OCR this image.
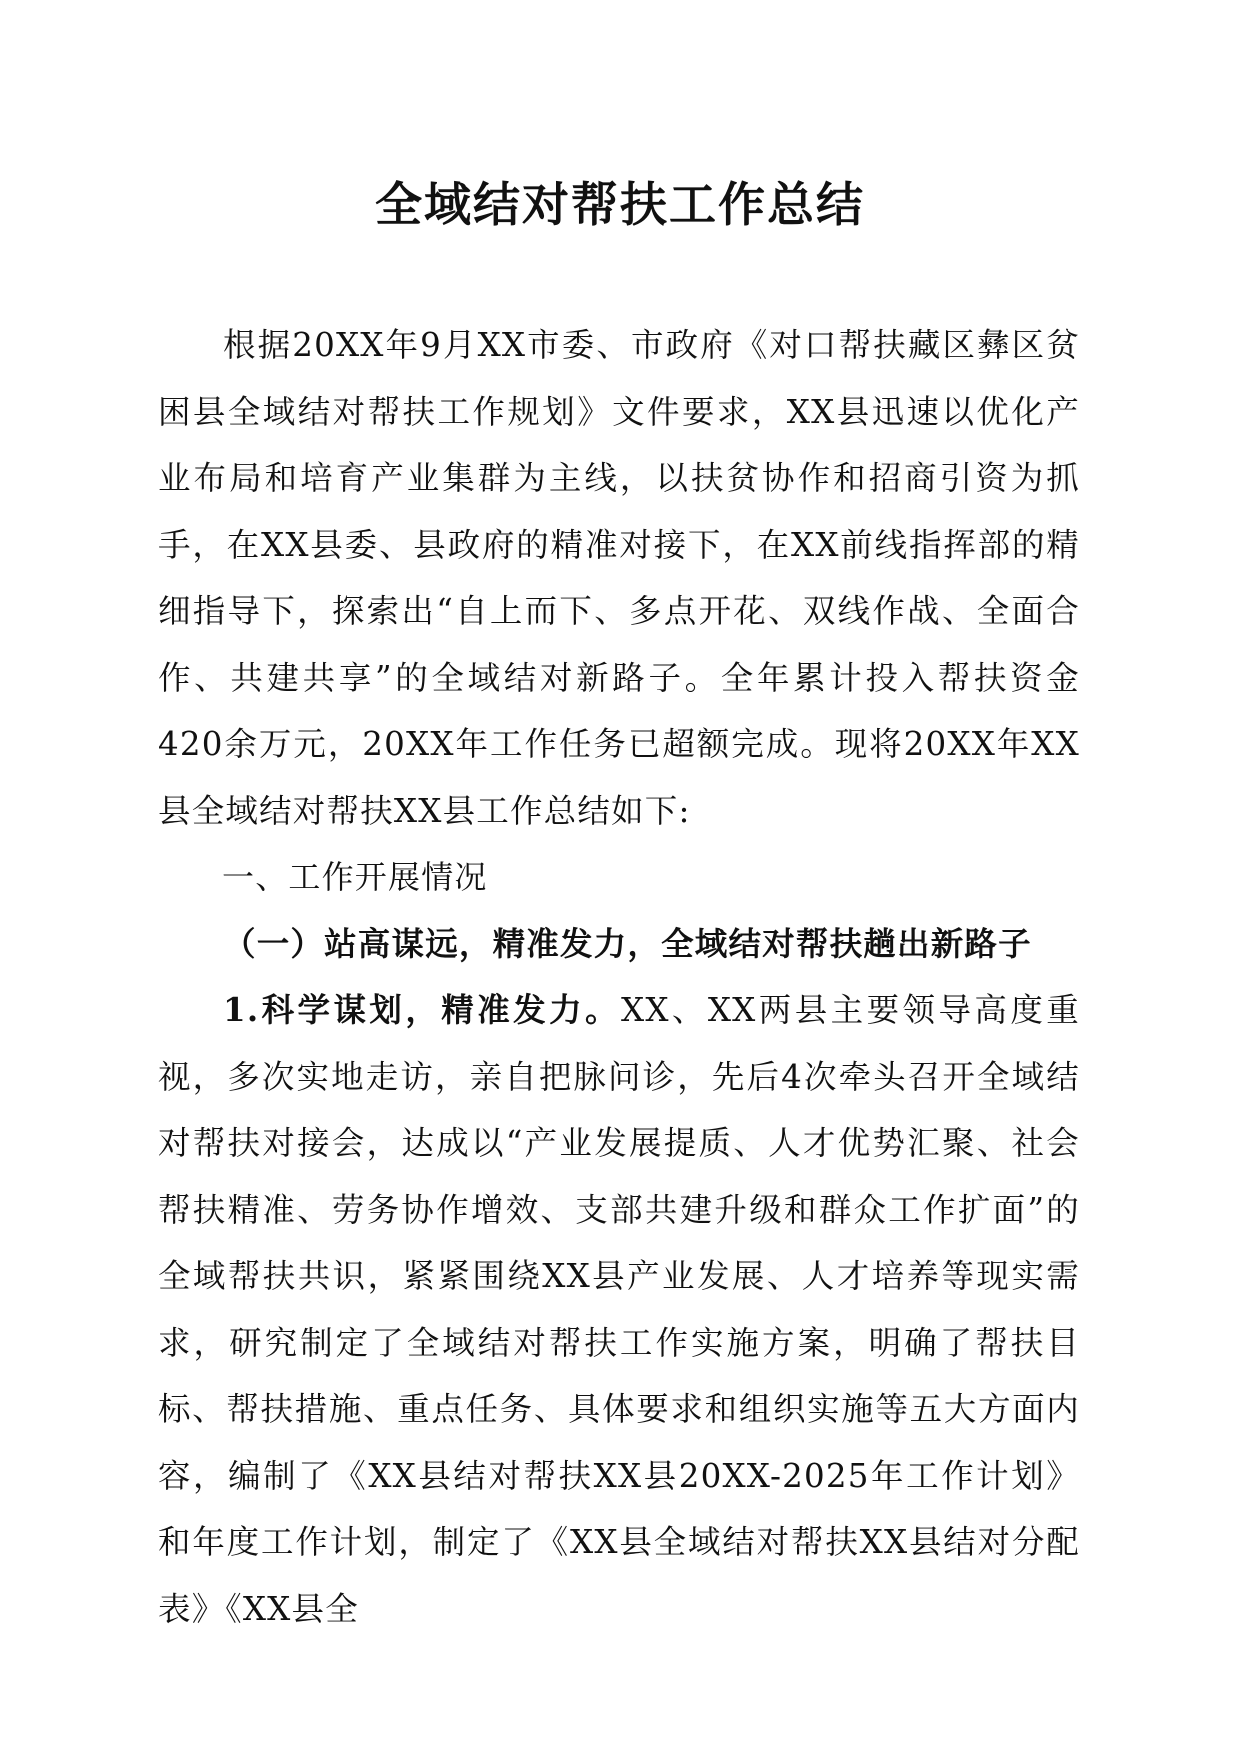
全域结对帮扶工作总结

根据20XX年9月XX市委、市政府《对口帮扶藏区彝区贫困县全域结对帮扶工作规划》文件要求，XX县迅速以优化产业布局和培育产业集群为主线，以扶贫协作和招商引资为抓手，在XX县委、县政府的精准对接下，在XX前线指挥部的精细指导下，探索出“自上而下、多点开花、双线作战、全面合作、共建共享”的全域结对新路子。全年累计投入帮扶资金420余万元，20XX年工作任务已超额完成。现将20XX年XX县全域结对帮扶XX县工作总结如下:

一、工作开展情况

（一）站高谋远，精准发力，全域结对帮扶趟出新路子

1.科学谋划，精准发力。XX、XX两县主要领导高度重视，多次实地走访，亲自把脉问诊，先后4次牵头召开全域结对帮扶对接会，达成以“产业发展提质、人才优势汇聚、社会帮扶精准、劳务协作增效、支部共建升级和群众工作扩面”的全域帮扶共识，紧紧围绕XX县产业发展、人才培养等现实需求，研究制定了全域结对帮扶工作实施方案，明确了帮扶目标、帮扶措施、重点任务、具体要求和组织实施等五大方面内容，编制了《XX县结对帮扶XX县20XX-2025年工作计划》和年度工作计划，制定了《XX县全域结对帮扶XX县结对分配表》《XX县全
